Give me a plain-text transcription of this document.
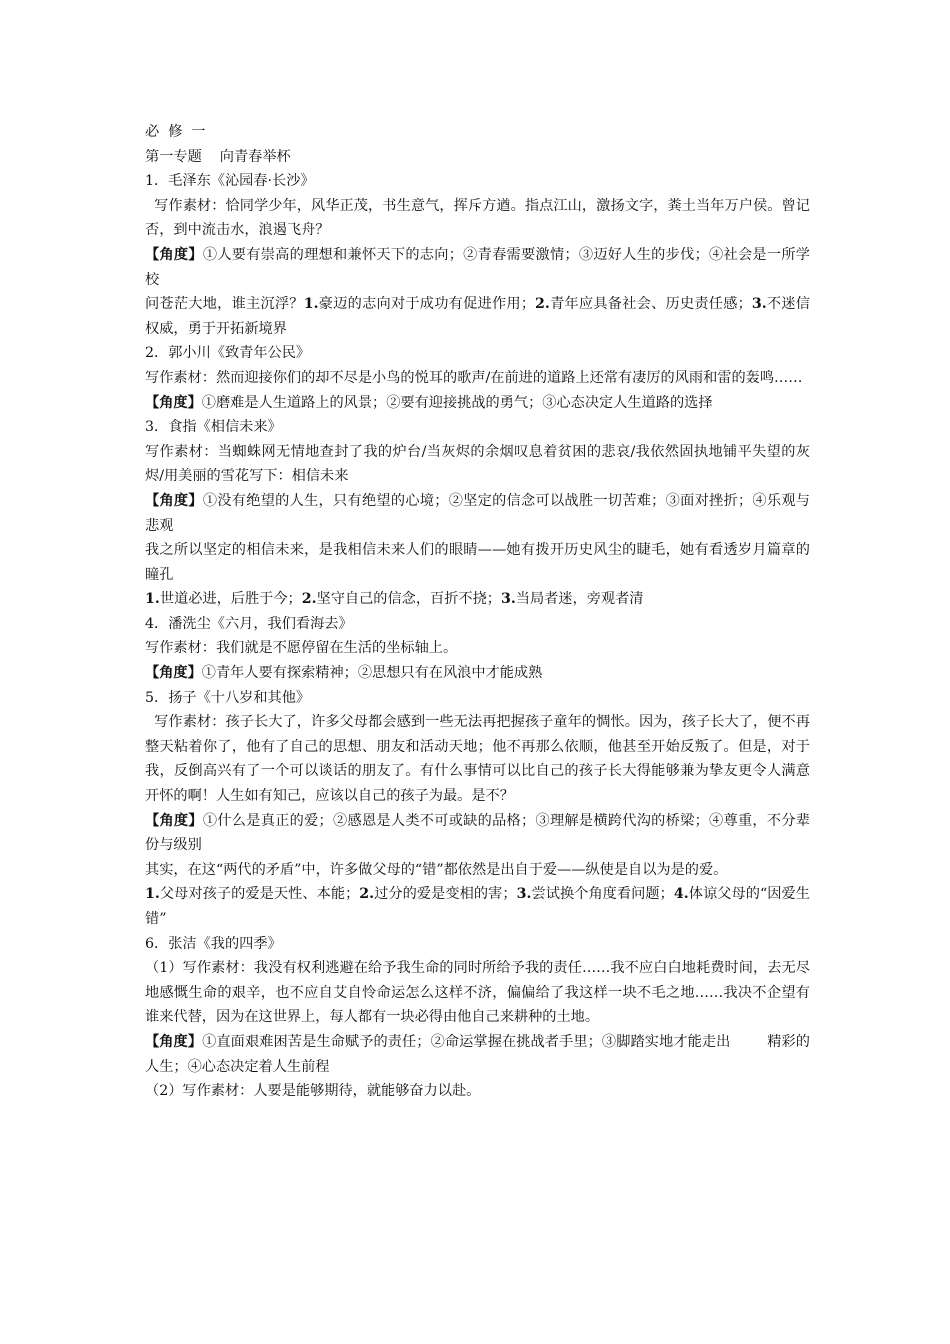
必  修  一

第一专题    向青春举杯

1．毛泽东《沁园春·长沙》

写作素材：恰同学少年，风华正茂，书生意气，挥斥方遒。指点江山，激扬文字，粪土当年万户侯。曾记否，到中流击水，浪遏飞舟？

【角度】①人要有崇高的理想和兼怀天下的志向；②青春需要激情；③迈好人生的步伐；④社会是一所学校

问苍茫大地，谁主沉浮？1.豪迈的志向对于成功有促进作用；2.青年应具备社会、历史责任感；3.不迷信权威，勇于开拓新境界

2．郭小川《致青年公民》

写作素材：然而迎接你们的却不尽是小鸟的悦耳的歌声/在前进的道路上还常有凄厉的风雨和雷的轰鸣……

【角度】①磨难是人生道路上的风景；②要有迎接挑战的勇气；③心态决定人生道路的选择

3．食指《相信未来》

写作素材：当蜘蛛网无情地查封了我的炉台/当灰烬的余烟叹息着贫困的悲哀/我依然固执地铺平失望的灰烬/用美丽的雪花写下：相信未来

【角度】①没有绝望的人生，只有绝望的心境；②坚定的信念可以战胜一切苦难；③面对挫折；④乐观与悲观

我之所以坚定的相信未来，是我相信未来人们的眼睛——她有拨开历史风尘的睫毛，她有看透岁月篇章的瞳孔

1.世道必进，后胜于今；2.坚守自己的信念，百折不挠；3.当局者迷，旁观者清

4．潘洗尘《六月，我们看海去》

写作素材：我们就是不愿停留在生活的坐标轴上。

【角度】①青年人要有探索精神；②思想只有在风浪中才能成熟

5．扬子《十八岁和其他》

写作素材：孩子长大了，许多父母都会感到一些无法再把握孩子童年的惆怅。因为，孩子长大了，便不再整天粘着你了，他有了自己的思想、朋友和活动天地；他不再那么依顺，他甚至开始反叛了。但是，对于我，反倒高兴有了一个可以谈话的朋友了。有什么事情可以比自己的孩子长大得能够兼为挚友更令人满意开怀的啊！人生如有知己，应该以自己的孩子为最。是不？

【角度】①什么是真正的爱；②感恩是人类不可或缺的品格；③理解是横跨代沟的桥梁；④尊重，不分辈份与级别

其实，在这“两代的矛盾”中，许多做父母的“错”都依然是出自于爱——纵使是自以为是的爱。

1.父母对孩子的爱是天性、本能；2.过分的爱是变相的害；3.尝试换个角度看问题；4.体谅父母的“因爱生错”

6．张洁《我的四季》

（1）写作素材：我没有权利逃避在给予我生命的同时所给予我的责任……我不应白白地耗费时间，去无尽地感慨生命的艰辛，也不应自艾自怜命运怎么这样不济，偏偏给了我这样一块不毛之地……我决不企望有谁来代替，因为在这世界上，每人都有一块必得由他自己来耕种的土地。

【角度】①直面艰难困苦是生命赋予的责任；②命运掌握在挑战者手里；③脚踏实地才能走出        精彩的人生；④心态决定着人生前程

（2）写作素材：人要是能够期待，就能够奋力以赴。
